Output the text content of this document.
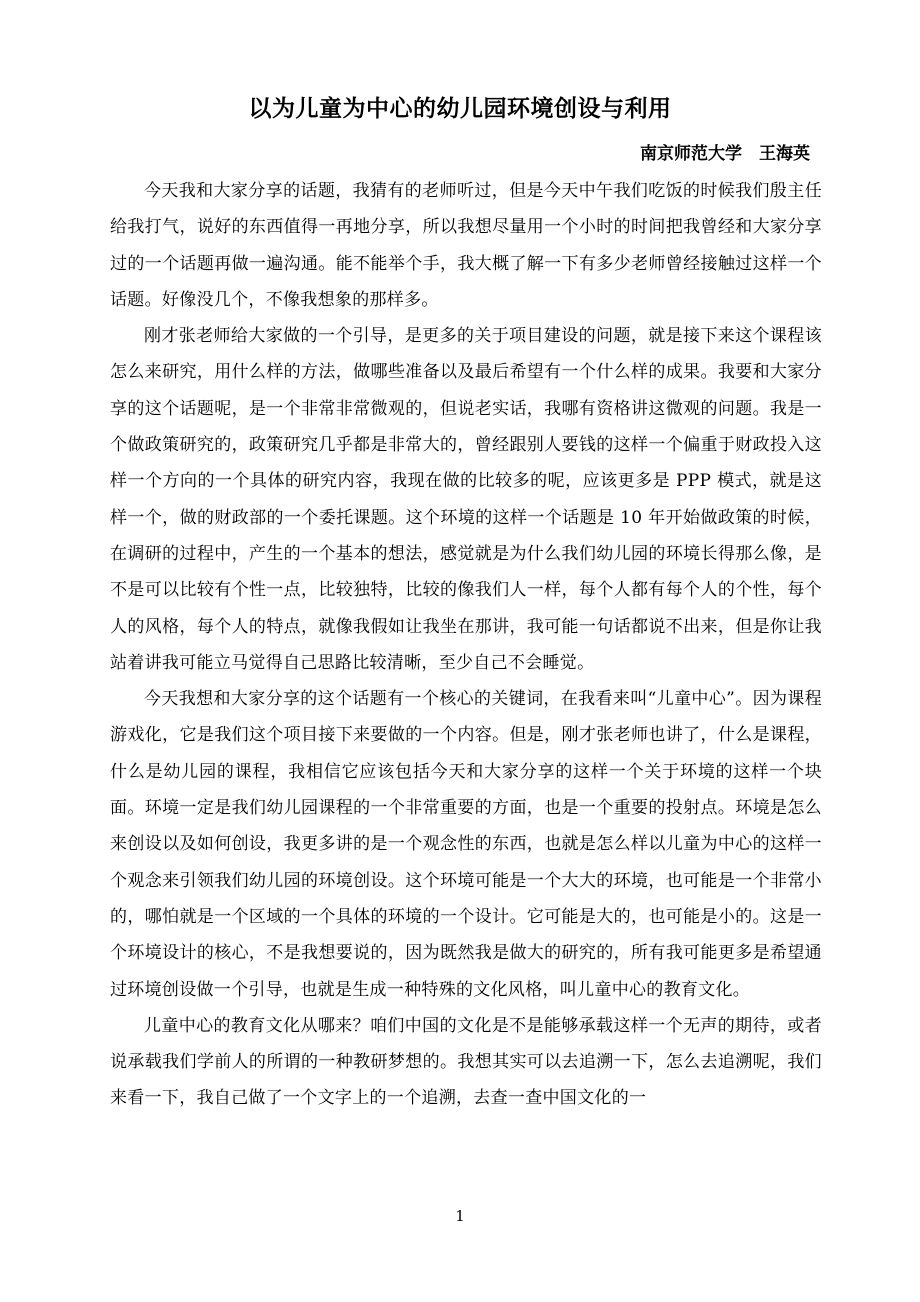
以为儿童为中心的幼儿园环境创设与利用
南京师范大学　王海英

今天我和大家分享的话题，我猜有的老师听过，但是今天中午我们吃饭的时候我们殷主任给我打气，说好的东西值得一再地分享，所以我想尽量用一个小时的时间把我曾经和大家分享过的一个话题再做一遍沟通。能不能举个手，我大概了解一下有多少老师曾经接触过这样一个话题。好像没几个，不像我想象的那样多。

刚才张老师给大家做的一个引导，是更多的关于项目建设的问题，就是接下来这个课程该怎么来研究，用什么样的方法，做哪些准备以及最后希望有一个什么样的成果。我要和大家分享的这个话题呢，是一个非常非常微观的，但说老实话，我哪有资格讲这微观的问题。我是一个做政策研究的，政策研究几乎都是非常大的，曾经跟别人要钱的这样一个偏重于财政投入这样一个方向的一个具体的研究内容，我现在做的比较多的呢，应该更多是 PPP 模式，就是这样一个，做的财政部的一个委托课题。这个环境的这样一个话题是 10 年开始做政策的时候，在调研的过程中，产生的一个基本的想法，感觉就是为什么我们幼儿园的环境长得那么像，是不是可以比较有个性一点，比较独特，比较的像我们人一样，每个人都有每个人的个性，每个人的风格，每个人的特点，就像我假如让我坐在那讲，我可能一句话都说不出来，但是你让我站着讲我可能立马觉得自己思路比较清晰，至少自己不会睡觉。

今天我想和大家分享的这个话题有一个核心的关键词，在我看来叫“儿童中心”。因为课程游戏化，它是我们这个项目接下来要做的一个内容。但是，刚才张老师也讲了，什么是课程，什么是幼儿园的课程，我相信它应该包括今天和大家分享的这样一个关于环境的这样一个块面。环境一定是我们幼儿园课程的一个非常重要的方面，也是一个重要的投射点。环境是怎么来创设以及如何创设，我更多讲的是一个观念性的东西，也就是怎么样以儿童为中心的这样一个观念来引领我们幼儿园的环境创设。这个环境可能是一个大大的环境，也可能是一个非常小的，哪怕就是一个区域的一个具体的环境的一个设计。它可能是大的，也可能是小的。这是一个环境设计的核心，不是我想要说的，因为既然我是做大的研究的，所有我可能更多是希望通过环境创设做一个引导，也就是生成一种特殊的文化风格，叫儿童中心的教育文化。

儿童中心的教育文化从哪来？咱们中国的文化是不是能够承载这样一个无声的期待，或者说承载我们学前人的所谓的一种教研梦想的。我想其实可以去追溯一下，怎么去追溯呢，我们来看一下，我自己做了一个文字上的一个追溯，去查一查中国文化的一

1
